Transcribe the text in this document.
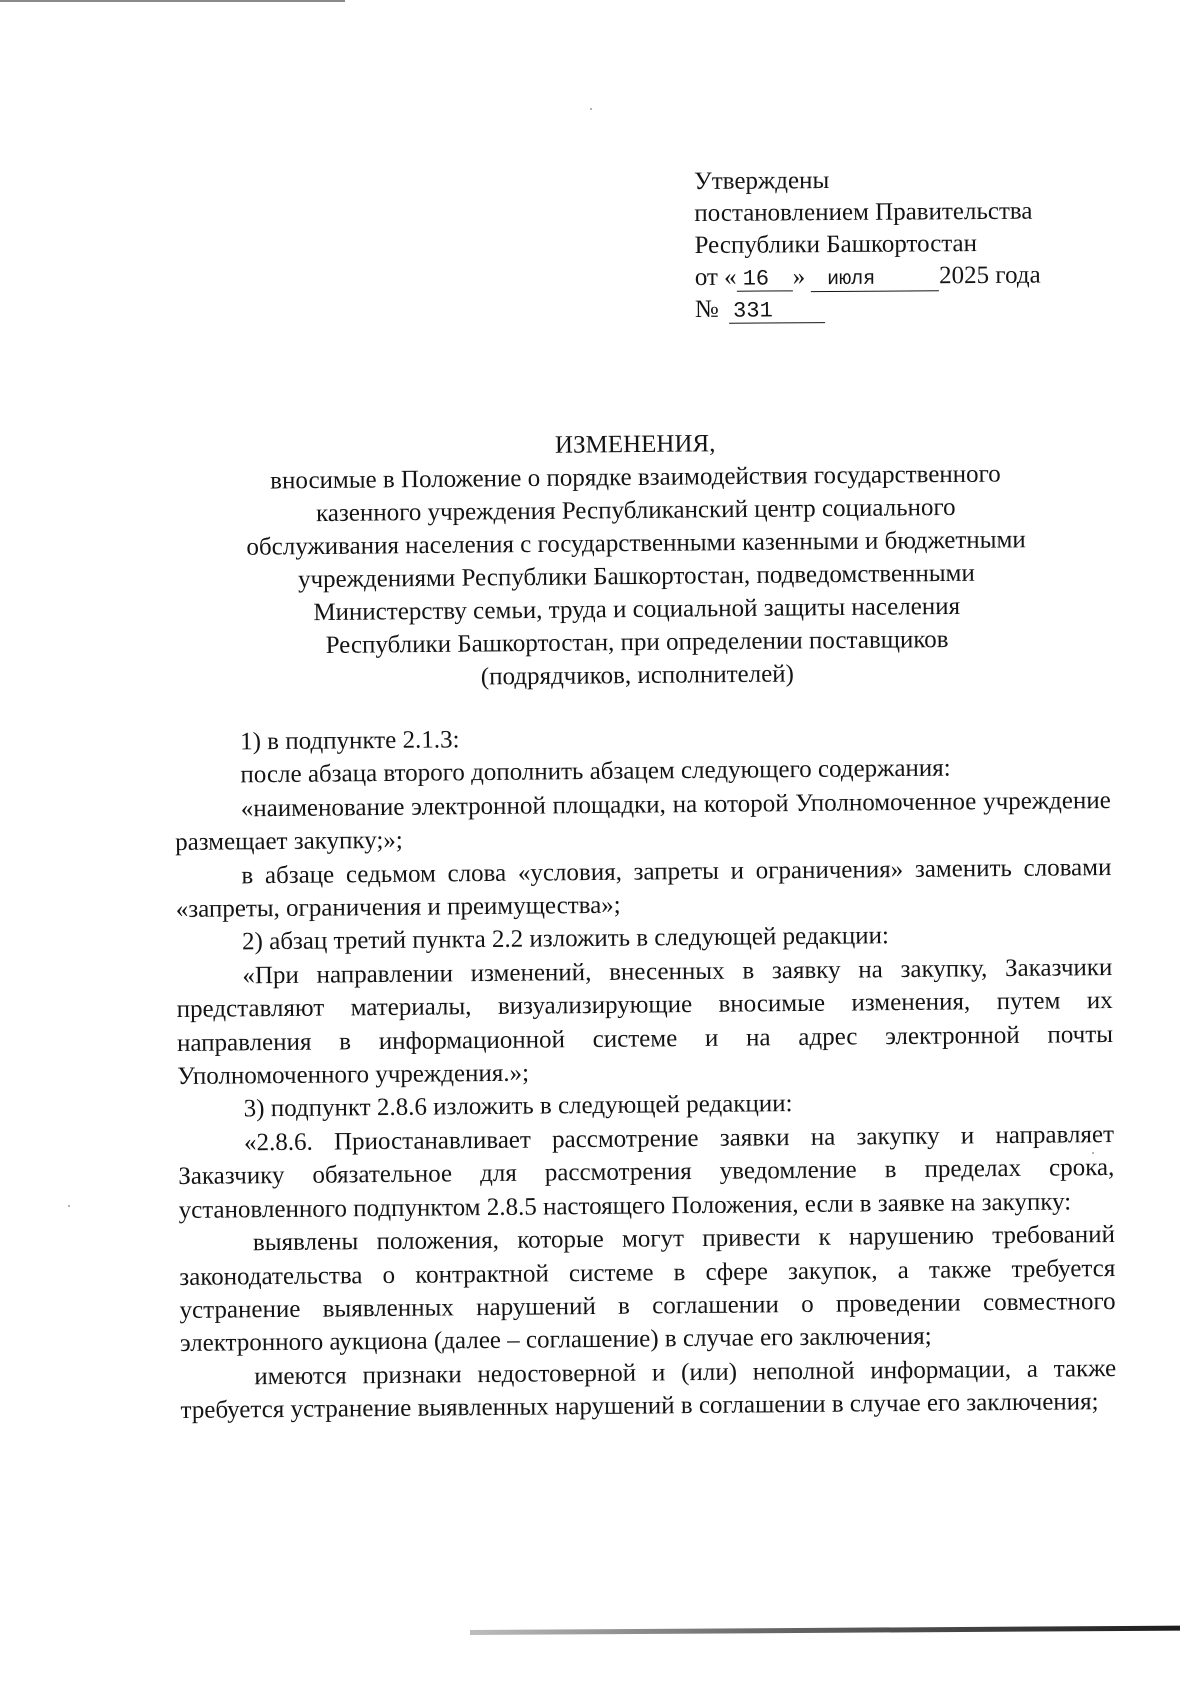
Утверждены
постановлением Правительства
Республики Башкортостан
от « 16 » июля	2025 года
№ 331
ИЗМЕНЕНИЯ,
вносимые в Положение о порядке взаимодействия государственного
казенного учреждения Республиканский центр социального
обслуживания населения с государственными казенными и бюджетными
учреждениями Республики Башкортостан, подведомственными
Министерству семьи, труда и социальной защиты населения
Республики Башкортостан, при определении поставщиков
(подрядчиков, исполнителей)

1) в подпункте 2.1.3:

после абзаца второго дополнить абзацем следующего содержания:

«наименование электронной площадки, на которой Уполномоченное учреждение размещает закупку;»;

в абзаце седьмом слова «условия, запреты и ограничения» заменить словами «запреты, ограничения и преимущества»;

2) абзац третий пункта 2.2 изложить в следующей редакции:

«При направлении изменений, внесенных в заявку на закупку, Заказчики представляют материалы, визуализирующие вносимые изменения, путем их направления в информационной системе и на адрес электронной почты Уполномоченного учреждения.»;

3) подпункт 2.8.6 изложить в следующей редакции:

«2.8.6. Приостанавливает рассмотрение заявки на закупку и направляет Заказчику обязательное для рассмотрения уведомление в пределах срока, установленного подпунктом 2.8.5 настоящего Положения, если в заявке на закупку:

выявлены положения, которые могут привести к нарушению требований законодательства о контрактной системе в сфере закупок, а также требуется устранение выявленных нарушений в соглашении о проведении совместного электронного аукциона (далее – соглашение) в случае его заключения;

имеются признаки недостоверной и (или) неполной информации, а также требуется устранение выявленных нарушений в соглашении в случае его заключения;
